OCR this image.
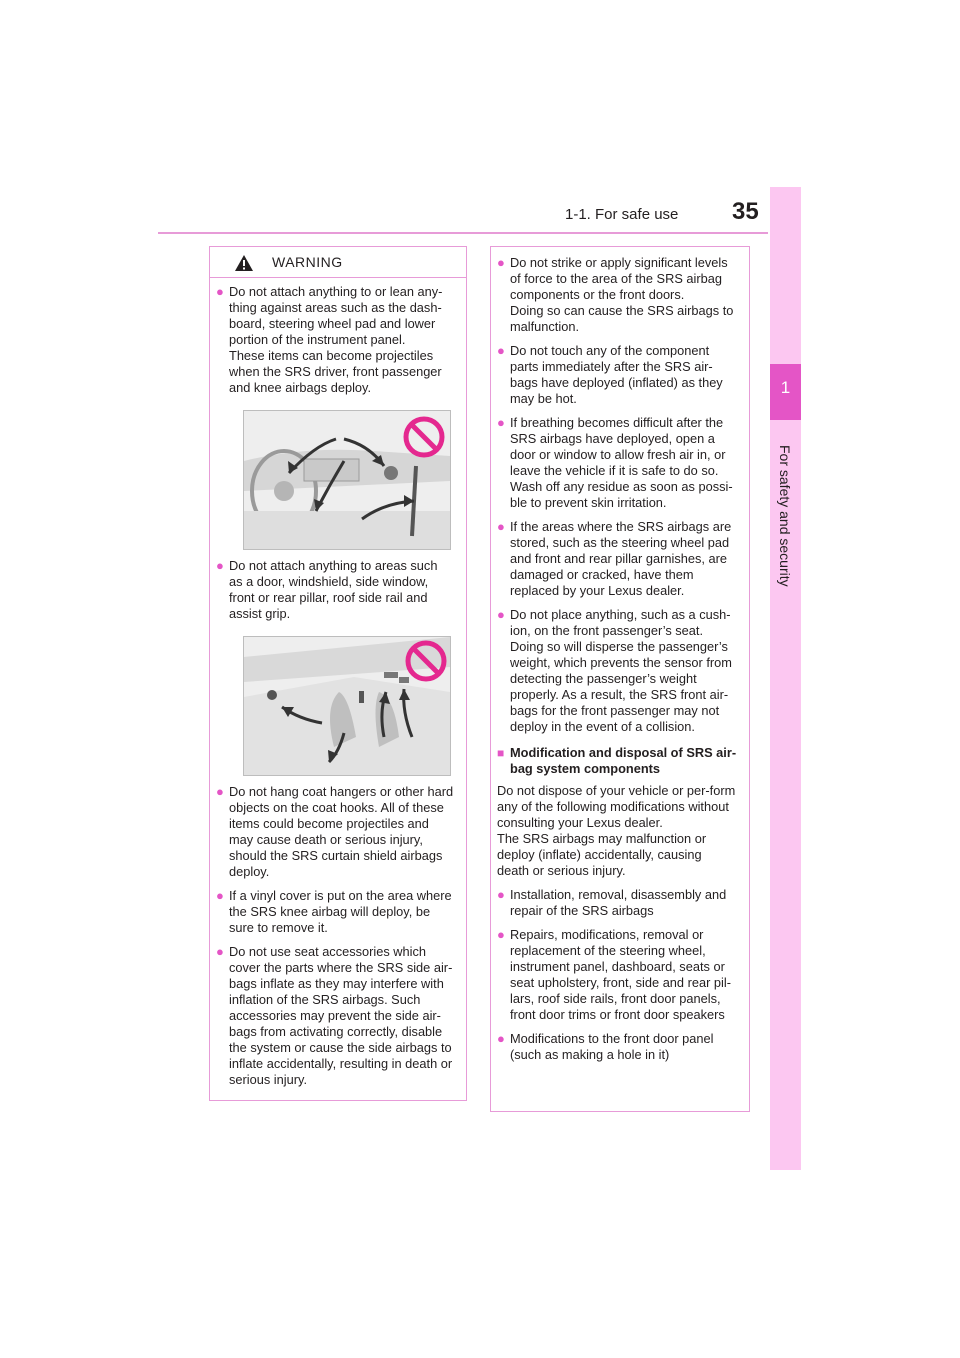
1-1. For safe use 35
1
For safety and security
WARNING
● Do not attach anything to or lean any-thing against areas such as the dash-board, steering wheel pad and lower portion of the instrument panel.

These items can become projectiles when the SRS driver, front passenger and knee airbags deploy.

● Do not attach anything to areas such as a door, windshield, side window, front or rear pillar, roof side rail and assist grip.

● Do not hang coat hangers or other hard objects on the coat hooks. All of these items could become projectiles and may cause death or serious injury, should the SRS curtain shield airbags deploy.

● If a vinyl cover is put on the area where the SRS knee airbag will deploy, be sure to remove it.

● Do not use seat accessories which cover the parts where the SRS side air-bags inflate as they may interfere with inflation of the SRS airbags. Such accessories may prevent the side air-bags from activating correctly, disable the system or cause the side airbags to inflate accidentally, resulting in death or serious injury.

● Do not strike or apply significant levels of force to the area of the SRS airbag components or the front doors.

Doing so can cause the SRS airbags to malfunction.

● Do not touch any of the component parts immediately after the SRS air-bags have deployed (inflated) as they may be hot.

● If breathing becomes difficult after the SRS airbags have deployed, open a door or window to allow fresh air in, or leave the vehicle if it is safe to do so. Wash off any residue as soon as possi-ble to prevent skin irritation.

● If the areas where the SRS airbags are stored, such as the steering wheel pad and front and rear pillar garnishes, are damaged or cracked, have them replaced by your Lexus dealer.

● Do not place anything, such as a cush-ion, on the front passenger’s seat.

Doing so will disperse the passenger’s weight, which prevents the sensor from detecting the passenger’s weight properly. As a result, the SRS front air-bags for the front passenger may not deploy in the event of a collision.

■ Modification and disposal of SRS air-bag system components
Do not dispose of your vehicle or per-form any of the following modifications without consulting your Lexus dealer.
The SRS airbags may malfunction or deploy (inflate) accidentally, causing death or serious injury.
● Installation, removal, disassembly and repair of the SRS airbags

● Repairs, modifications, removal or replacement of the steering wheel, instrument panel, dashboard, seats or seat upholstery, front, side and rear pil-lars, roof side rails, front door panels, front door trims or front door speakers

● Modifications to the front door panel (such as making a hole in it)
